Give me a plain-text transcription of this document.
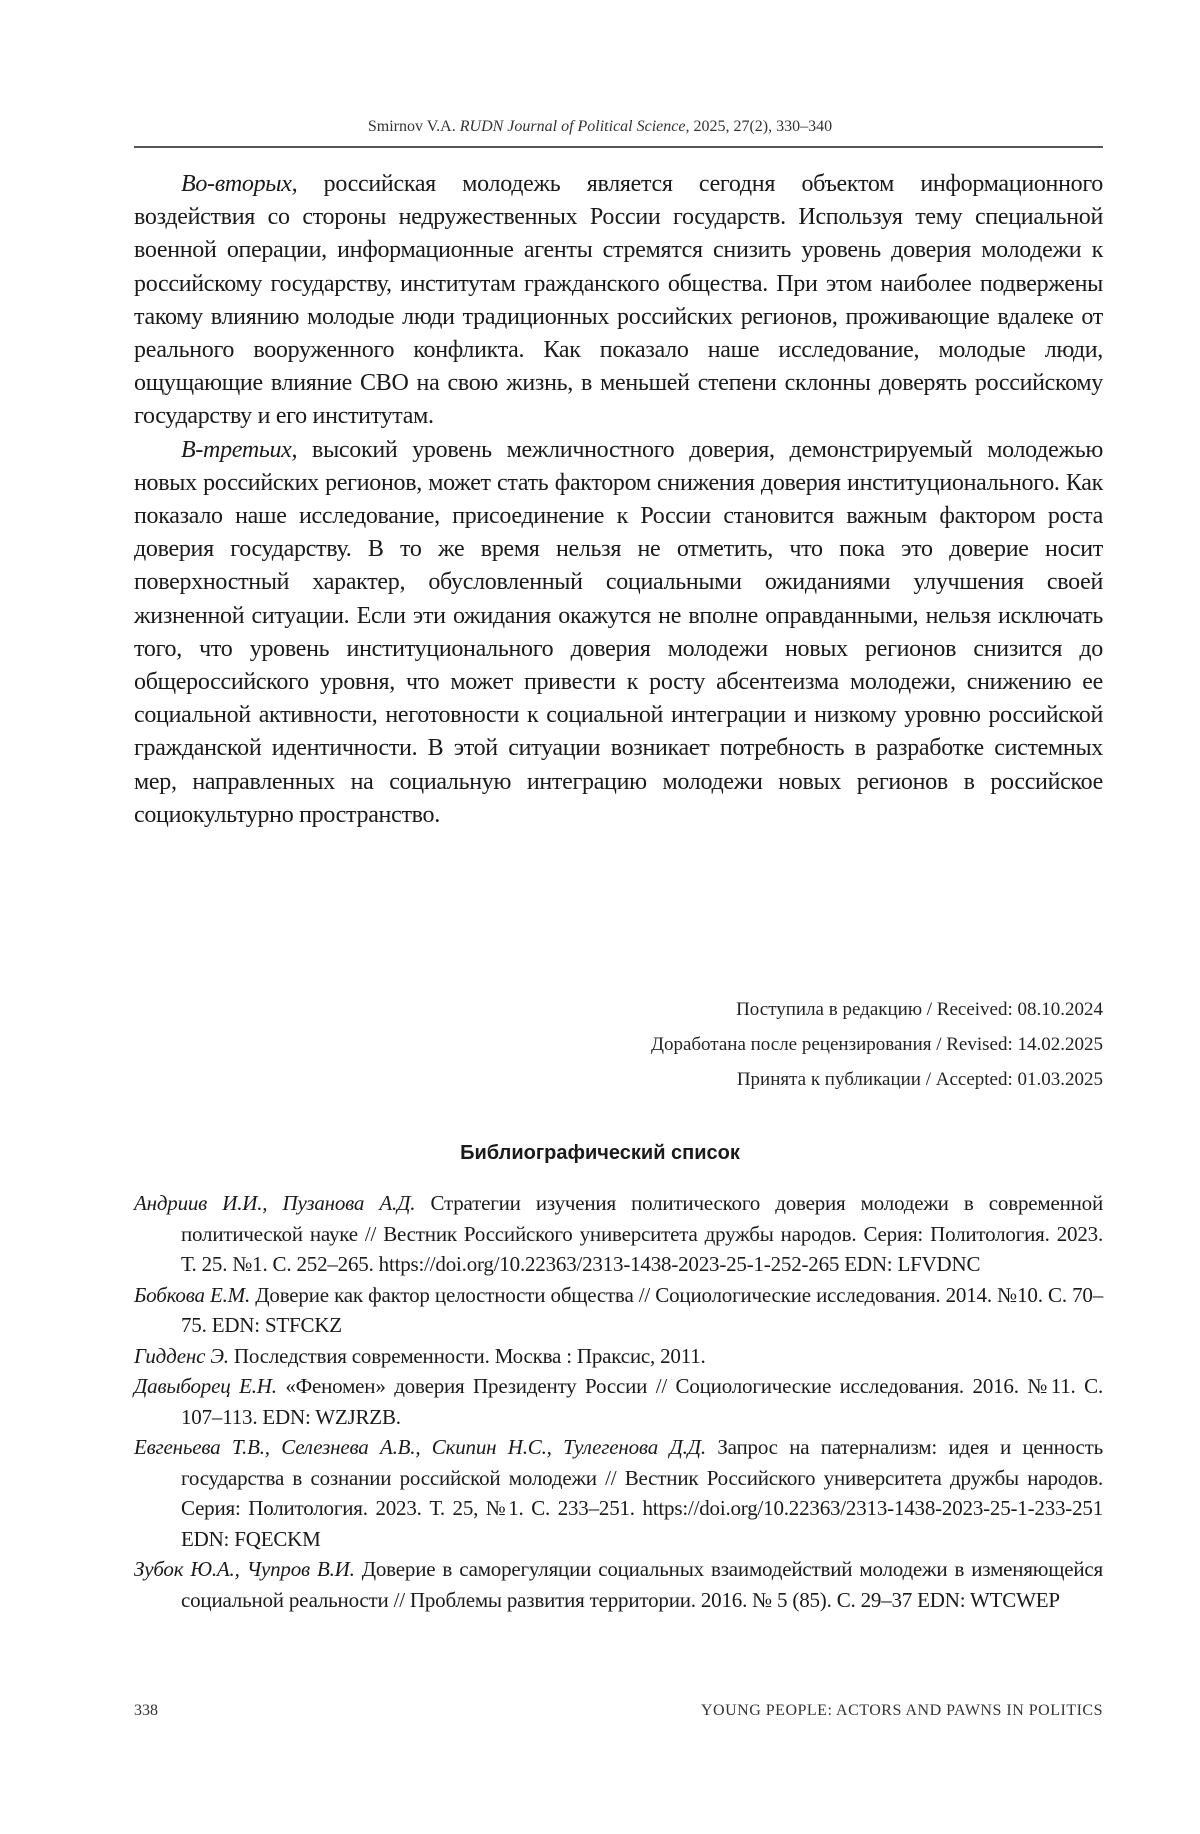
Smirnov V.A. RUDN Journal of Political Science, 2025, 27(2), 330–340

Во-вторых, российская молодежь является сегодня объектом информационного воздействия со стороны недружественных России государств. Используя тему специальной военной операции, информационные агенты стремятся снизить уровень доверия молодежи к российскому государству, институтам гражданского общества. При этом наиболее подвержены такому влиянию молодые люди традиционных российских регионов, проживающие вдалеке от реального вооруженного конфликта. Как показало наше исследование, молодые люди, ощущающие влияние СВО на свою жизнь, в меньшей степени склонны доверять российскому государству и его институтам.

В-третьих, высокий уровень межличностного доверия, демонстрируемый молодежью новых российских регионов, может стать фактором снижения доверия институционального. Как показало наше исследование, присоединение к России становится важным фактором роста доверия государству. В то же время нельзя не отметить, что пока это доверие носит поверхностный характер, обусловленный социальными ожиданиями улучшения своей жизненной ситуации. Если эти ожидания окажутся не вполне оправданными, нельзя исключать того, что уровень институционального доверия молодежи новых регионов снизится до общероссийского уровня, что может привести к росту абсентеизма молодежи, снижению ее социальной активности, неготовности к социальной интеграции и низкому уровню российской гражданской идентичности. В этой ситуации возникает потребность в разработке системных мер, направленных на социальную интеграцию молодежи новых регионов в российское социокультурно пространство.

Поступила в редакцию / Received: 08.10.2024
Доработана после рецензирования / Revised: 14.02.2025
Принята к публикации / Accepted: 01.03.2025
Библиографический список

Андриив И.И., Пузанова А.Д. Стратегии изучения политического доверия молодежи в современной политической науке // Вестник Российского университета дружбы народов. Серия: Политология. 2023. Т. 25. №1. С. 252–265. https://doi.org/10.22363/2313-1438-2023-25-1-252-265 EDN: LFVDNC

Бобкова Е.М. Доверие как фактор целостности общества // Социологические исследования. 2014. №10. С. 70–75. EDN: STFCKZ

Гидденс Э. Последствия современности. Москва : Праксис, 2011.

Давыборец Е.Н. «Феномен» доверия Президенту России // Социологические исследования. 2016. №11. С. 107–113. EDN: WZJRZB.

Евгеньева Т.В., Селезнева А.В., Скипин Н.С., Тулегенова Д.Д. Запрос на патернализм: идея и ценность государства в сознании российской молодежи // Вестник Российского университета дружбы народов. Серия: Политология. 2023. Т. 25, №1. С. 233–251. https://doi.org/10.22363/2313-1438-2023-25-1-233-251 EDN: FQECKM

Зубок Ю.А., Чупров В.И. Доверие в саморегуляции социальных взаимодействий молодежи в изменяющейся социальной реальности // Проблемы развития территории. 2016. № 5 (85). С. 29–37 EDN: WTCWEP

338	YOUNG PEOPLE: ACTORS AND PAWNS IN POLITICS
